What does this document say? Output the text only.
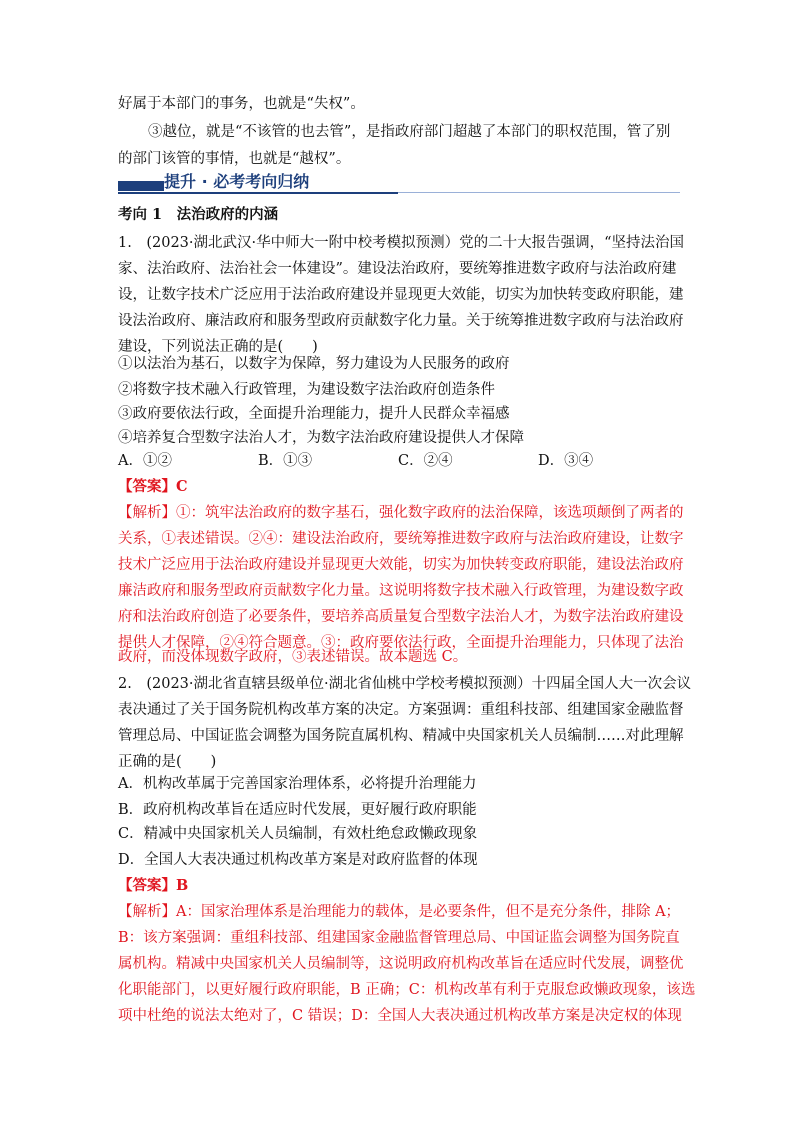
好属于本部门的事务，也就是“失权”。
③越位，就是“不该管的也去管”，是指政府部门超越了本部门的职权范围，管了别
的部门该管的事情，也就是“越权”。
提升 · 必考考向归纳
考向 1　法治政府的内涵
1.　(2023·湖北武汉·华中师大一附中校考模拟预测）党的二十大报告强调，“坚持法治国
家、法治政府、法治社会一体建设”。建设法治政府，要统筹推进数字政府与法治政府建
设，让数字技术广泛应用于法治政府建设并显现更大效能，切实为加快转变政府职能，建
设法治政府、廉洁政府和服务型政府贡献数字化力量。关于统筹推进数字政府与法治政府
建设，下列说法正确的是(　　)
①以法治为基石，以数字为保障，努力建设为人民服务的政府
②将数字技术融入行政管理，为建设数字法治政府创造条件
③政府要依法行政，全面提升治理能力，提升人民群众幸福感
④培养复合型数字法治人才，为数字法治政府建设提供人才保障
A．①②	B．①③	C．②④	D．③④
【答案】C
【解析】①：筑牢法治政府的数字基石，强化数字政府的法治保障，该选项颠倒了两者的
关系，①表述错误。②④：建设法治政府，要统筹推进数字政府与法治政府建设，让数字
技术广泛应用于法治政府建设并显现更大效能，切实为加快转变政府职能，建设法治政府
廉洁政府和服务型政府贡献数字化力量。这说明将数字技术融入行政管理，为建设数字政
府和法治政府创造了必要条件，要培养高质量复合型数字法治人才，为数字法治政府建设
提供人才保障，②④符合题意。③：政府要依法行政，全面提升治理能力，只体现了法治
政府，而没体现数字政府，③表述错误。故本题选 C。
2.　(2023·湖北省直辖县级单位·湖北省仙桃中学校考模拟预测）十四届全国人大一次会议
表决通过了关于国务院机构改革方案的决定。方案强调：重组科技部、组建国家金融监督
管理总局、中国证监会调整为国务院直属机构、精减中央国家机关人员编制……对此理解
正确的是(　　)
A．机构改革属于完善国家治理体系，必将提升治理能力
B．政府机构改革旨在适应时代发展，更好履行政府职能
C．精减中央国家机关人员编制，有效杜绝怠政懒政现象
D．全国人大表决通过机构改革方案是对政府监督的体现
【答案】B
【解析】A：国家治理体系是治理能力的载体，是必要条件，但不是充分条件，排除 A；
B：该方案强调：重组科技部、组建国家金融监督管理总局、中国证监会调整为国务院直
属机构。精减中央国家机关人员编制等，这说明政府机构改革旨在适应时代发展，调整优
化职能部门，以更好履行政府职能，B 正确；C：机构改革有利于克服怠政懒政现象，该选
项中杜绝的说法太绝对了，C 错误；D：全国人大表决通过机构改革方案是决定权的体现
